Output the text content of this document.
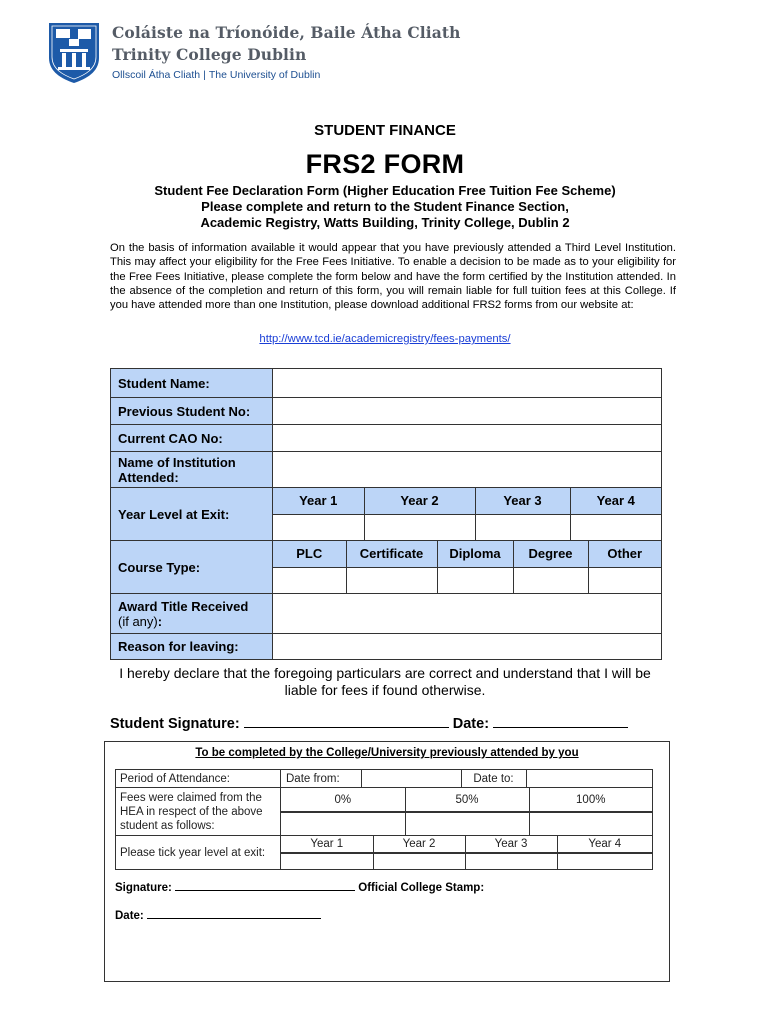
Coláiste na Tríonóide, Baile Átha Cliath
Trinity College Dublin
Ollscoil Átha Cliath | The University of Dublin
STUDENT FINANCE
FRS2 FORM
Student Fee Declaration Form (Higher Education Free Tuition Fee Scheme)
Please complete and return to the Student Finance Section,
Academic Registry, Watts Building, Trinity College, Dublin 2
On the basis of information available it would appear that you have previously attended a Third Level Institution. This may affect your eligibility for the Free Fees Initiative. To enable a decision to be made as to your eligibility for the Free Fees Initiative, please complete the form below and have the form certified by the Institution attended. In the absence of the completion and return of this form, you will remain liable for full tuition fees at this College. If you have attended more than one Institution, please download additional FRS2 forms from our website at:
http://www.tcd.ie/academicregistry/fees-payments/
Student Name:	
Previous Student No:	
Current CAO No:	
Name of Institution Attended:	
Year Level at Exit:	
Year 1	Year 2	Year 3	Year 4

Course Type:	
PLC	Certificate	Diploma	Degree	Other

Award Title Received
(if any):	
Reason for leaving:	
I hereby declare that the foregoing particulars are correct and understand that I will be liable for fees if found otherwise.
Student Signature:	Date:
To be completed by the College/University previously attended by you
Period of Attendance:		Date from:		Date to:	

Fees were claimed from the HEA in respect of the above student as follows:	
0%	50%	100%

Please tick year level at exit:	
Year 1	Year 2	Year 3	Year 4

Signature:	Official College Stamp:
Date:
